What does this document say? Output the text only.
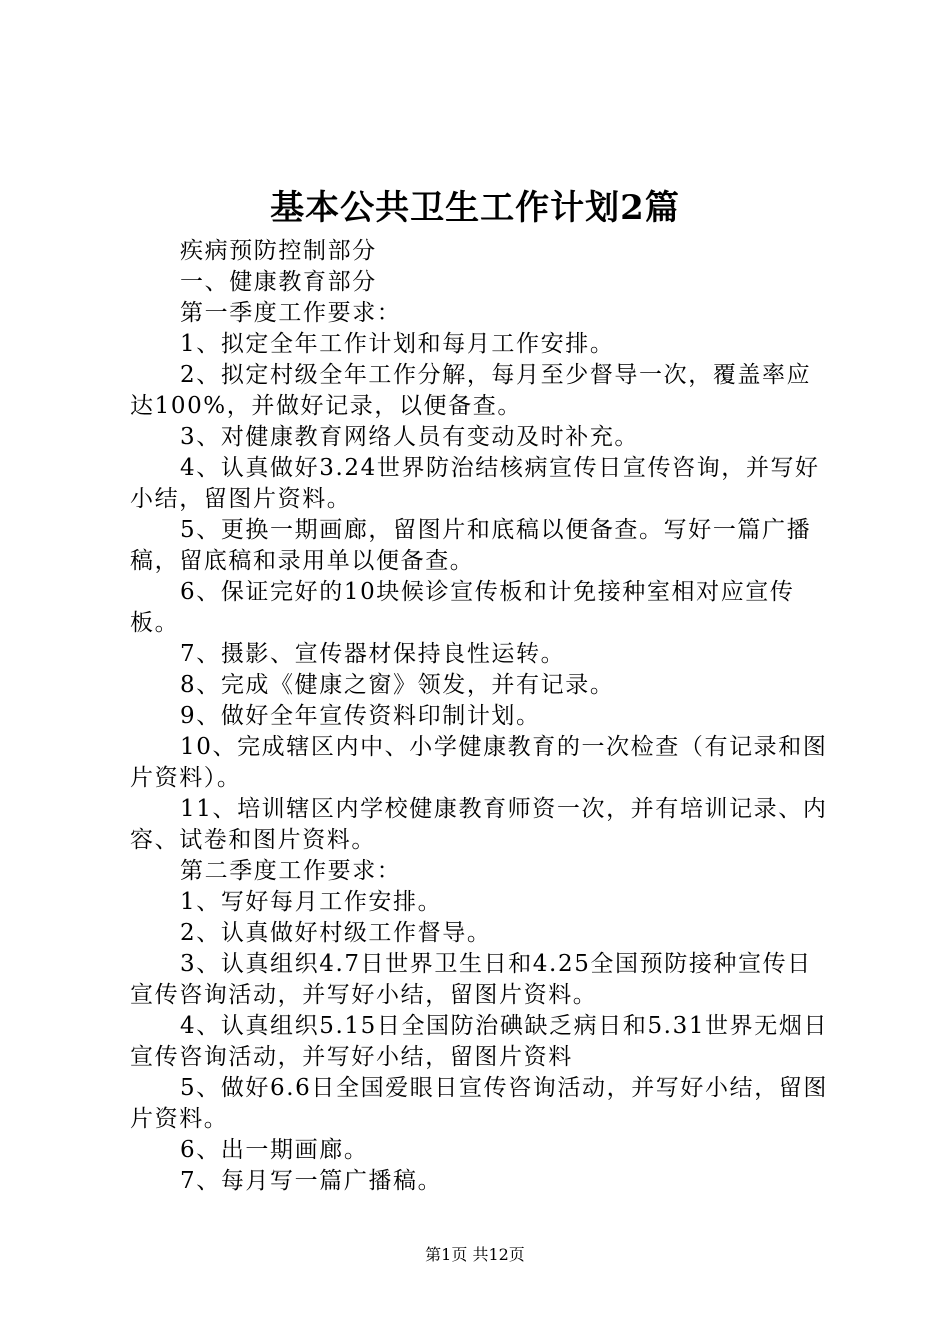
基本公共卫生工作计划2篇

疾病预防控制部分

一、健康教育部分

第一季度工作要求：

1、拟定全年工作计划和每月工作安排。

2、拟定村级全年工作分解，每月至少督导一次，覆盖率应达100%，并做好记录，以便备查。

3、对健康教育网络人员有变动及时补充。

4、认真做好3.24世界防治结核病宣传日宣传咨询，并写好小结，留图片资料。

5、更换一期画廊，留图片和底稿以便备查。写好一篇广播稿，留底稿和录用单以便备查。

6、保证完好的10块候诊宣传板和计免接种室相对应宣传板。

7、摄影、宣传器材保持良性运转。

8、完成《健康之窗》领发，并有记录。

9、做好全年宣传资料印制计划。

10、完成辖区内中、小学健康教育的一次检查（有记录和图片资料）。

11、培训辖区内学校健康教育师资一次，并有培训记录、内容、试卷和图片资料。

第二季度工作要求：

1、写好每月工作安排。

2、认真做好村级工作督导。

3、认真组织4.7日世界卫生日和4.25全国预防接种宣传日宣传咨询活动，并写好小结，留图片资料。

4、认真组织5.15日全国防治碘缺乏病日和5.31世界无烟日宣传咨询活动，并写好小结，留图片资料

5、做好6.6日全国爱眼日宣传咨询活动，并写好小结，留图片资料。

6、出一期画廊。

7、每月写一篇广播稿。

第1页 共12页
